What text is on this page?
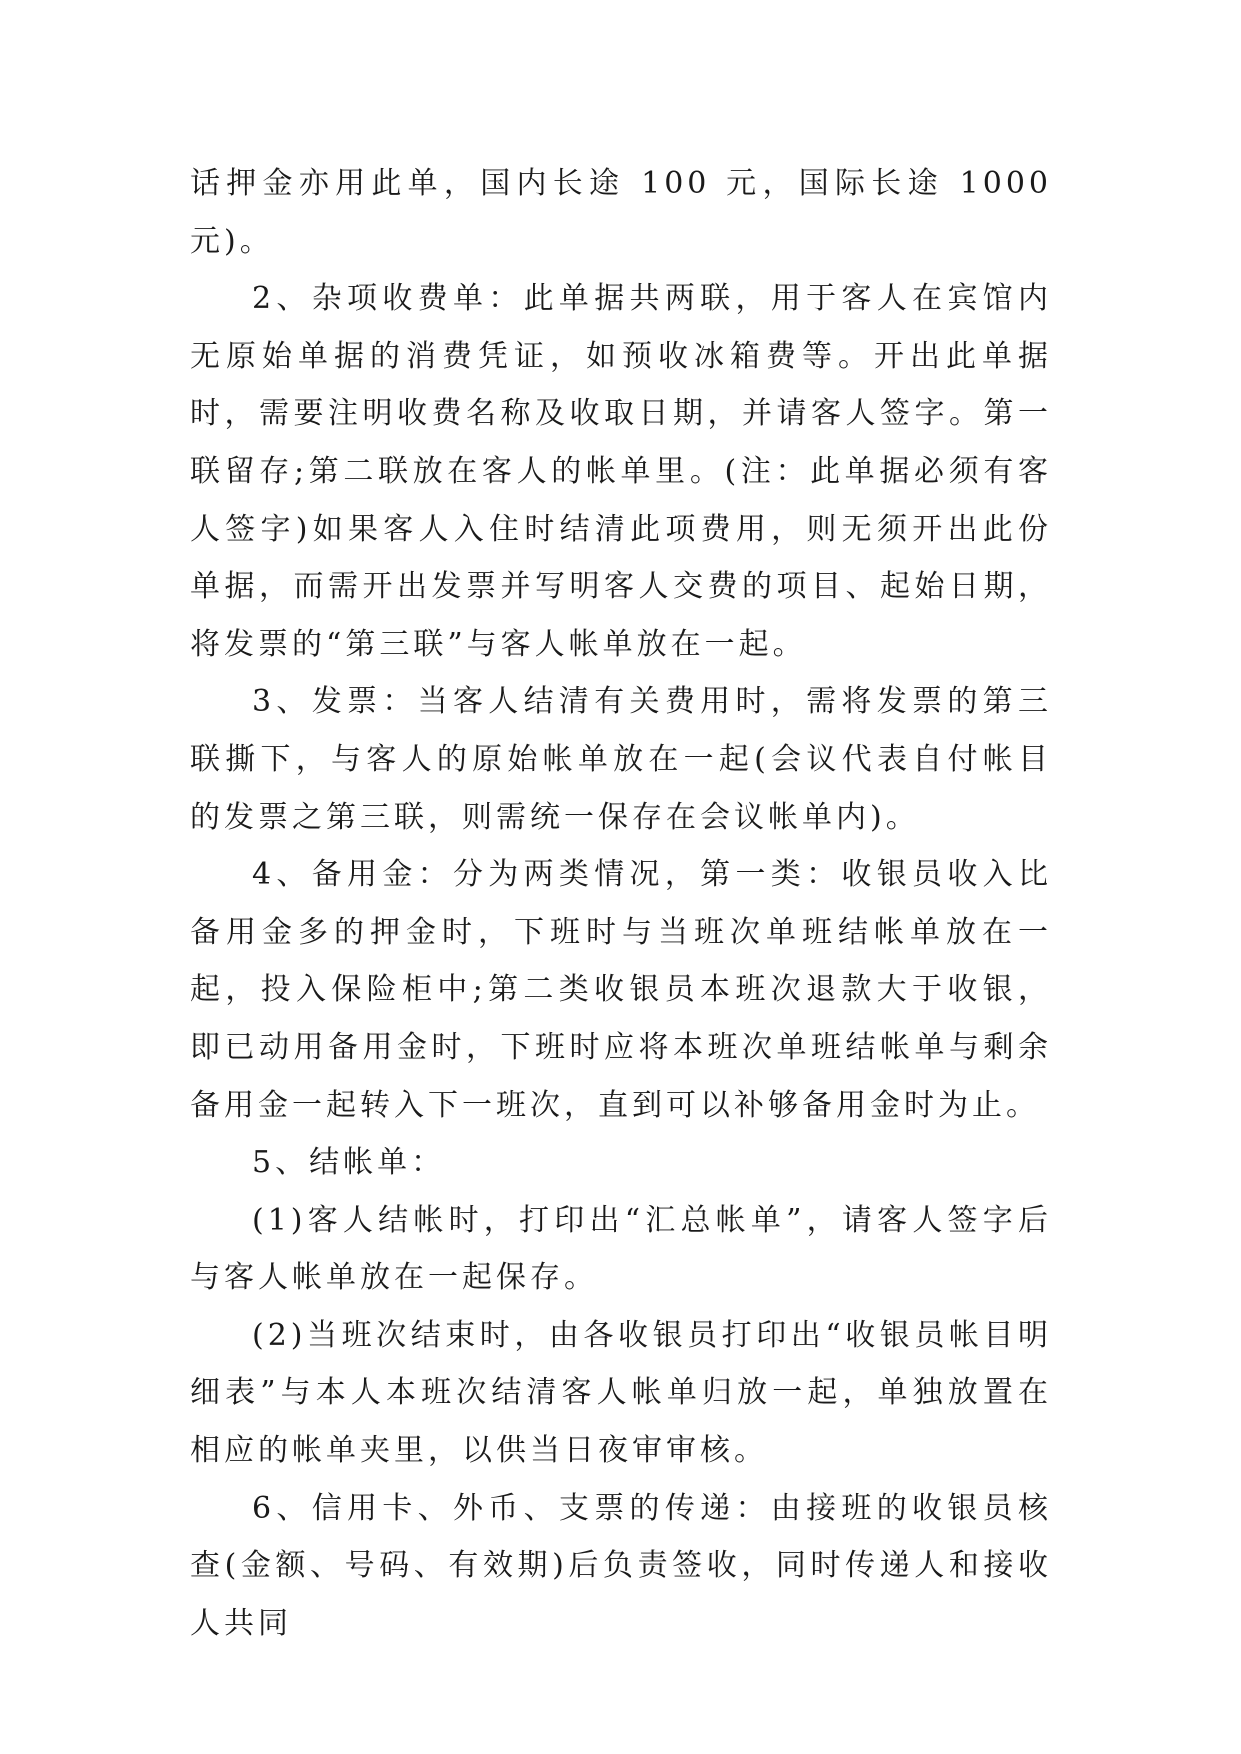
话押金亦用此单，国内长途 100 元，国际长途 1000 元)。

2、杂项收费单：此单据共两联，用于客人在宾馆内无原始单据的消费凭证，如预收冰箱费等。开出此单据时，需要注明收费名称及收取日期，并请客人签字。第一联留存;第二联放在客人的帐单里。(注：此单据必须有客人签字)如果客人入住时结清此项费用，则无须开出此份单据，而需开出发票并写明客人交费的项目、起始日期，将发票的“第三联”与客人帐单放在一起。

3、发票：当客人结清有关费用时，需将发票的第三联撕下，与客人的原始帐单放在一起(会议代表自付帐目的发票之第三联，则需统一保存在会议帐单内)。

4、备用金：分为两类情况，第一类：收银员收入比备用金多的押金时，下班时与当班次单班结帐单放在一起，投入保险柜中;第二类收银员本班次退款大于收银，即已动用备用金时，下班时应将本班次单班结帐单与剩余备用金一起转入下一班次，直到可以补够备用金时为止。

5、结帐单：

(1)客人结帐时，打印出“汇总帐单”，请客人签字后与客人帐单放在一起保存。

(2)当班次结束时，由各收银员打印出“收银员帐目明细表”与本人本班次结清客人帐单归放一起，单独放置在相应的帐单夹里，以供当日夜审审核。

6、信用卡、外币、支票的传递：由接班的收银员核查(金额、号码、有效期)后负责签收，同时传递人和接收人共同
